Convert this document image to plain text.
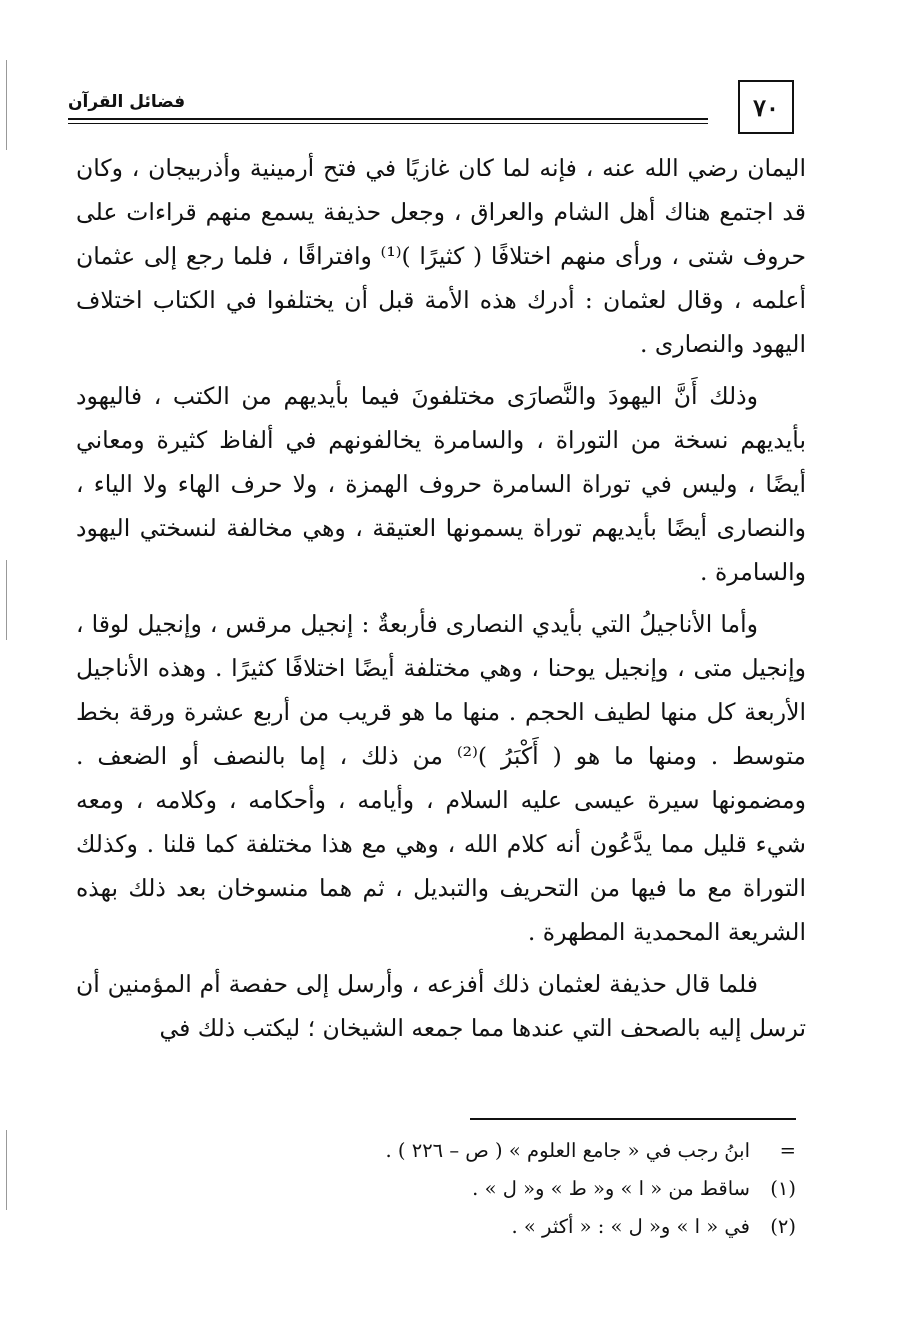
فضائل القرآن	٧٠

اليمان رضي الله عنه ، فإنه لما كان غازيًا في فتح أرمينية وأذربيجان ، وكان قد اجتمع هناك أهل الشام والعراق ، وجعل حذيفة يسمع منهم قراءات على حروف شتى ، ورأى منهم اختلافًا ( كثيرًا )⁽¹⁾ وافتراقًا ، فلما رجع إلى عثمان أعلمه ، وقال لعثمان : أدرك هذه الأمة قبل أن يختلفوا في الكتاب اختلاف اليهود والنصارى .

وذلك أَنَّ اليهودَ والنَّصارَى مختلفونَ فيما بأيديهم من الكتب ، فاليهود بأيديهم نسخة من التوراة ، والسامرة يخالفونهم في ألفاظ كثيرة ومعاني أيضًا ، وليس في توراة السامرة حروف الهمزة ، ولا حرف الهاء ولا الياء ، والنصارى أيضًا بأيديهم توراة يسمونها العتيقة ، وهي مخالفة لنسختي اليهود والسامرة .

وأما الأناجيلُ التي بأيدي النصارى فأربعةٌ : إنجيل مرقس ، وإنجيل لوقا ، وإنجيل متى ، وإنجيل يوحنا ، وهي مختلفة أيضًا اختلافًا كثيرًا . وهذه الأناجيل الأربعة كل منها لطيف الحجم . منها ما هو قريب من أربع عشرة ورقة بخط متوسط . ومنها ما هو ( أَكْبَرُ )⁽²⁾ من ذلك ، إما بالنصف أو الضعف . ومضمونها سيرة عيسى عليه السلام ، وأيامه ، وأحكامه ، وكلامه ، ومعه شيء قليل مما يدَّعُون أنه كلام الله ، وهي مع هذا مختلفة كما قلنا . وكذلك التوراة مع ما فيها من التحريف والتبديل ، ثم هما منسوخان بعد ذلك بهذه الشريعة المحمدية المطهرة .

فلما قال حذيفة لعثمان ذلك أفزعه ، وأرسل إلى حفصة أم المؤمنين أن ترسل إليه بالصحف التي عندها مما جمعه الشيخان ؛ ليكتب ذلك في

=
ابنُ رجب في « جامع العلوم » ( ص – ٢٢٦ ) .
(١)
ساقط من « ا » و« ط » و« ل » .
(٢)
في « ا » و« ل » : « أكثر » .
